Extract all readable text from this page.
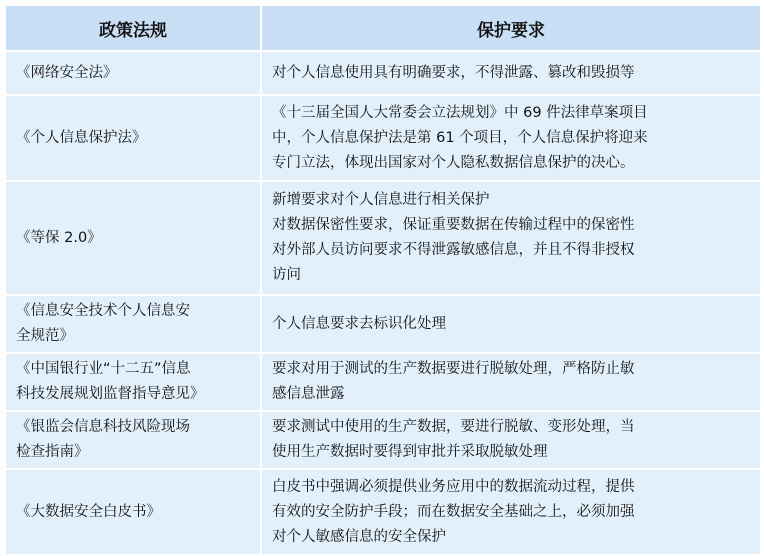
政策法规	保护要求

《网络安全法》	对个人信息使用具有明确要求，不得泄露、篡改和毁损等

《个人信息保护法》	《十三届全国人大常委会立法规划》中 69 件法律草案项目
中，个人信息保护法是第 61 个项目，个人信息保护将迎来
专门立法，体现出国家对个人隐私数据信息保护的决心。

《等保 2.0》	新增要求对个人信息进行相关保护
对数据保密性要求，保证重要数据在传输过程中的保密性
对外部人员访问要求不得泄露敏感信息，并且不得非授权
访问

《信息安全技术个人信息安
全规范》	个人信息要求去标识化处理

《中国银行业“十二五”信息
科技发展规划监督指导意见》	要求对用于测试的生产数据要进行脱敏处理，严格防止敏
感信息泄露

《银监会信息科技风险现场
检查指南》	要求测试中使用的生产数据，要进行脱敏、变形处理，当
使用生产数据时要得到审批并采取脱敏处理

《大数据安全白皮书》	白皮书中强调必须提供业务应用中的数据流动过程，提供
有效的安全防护手段；而在数据安全基础之上，必须加强
对个人敏感信息的安全保护
